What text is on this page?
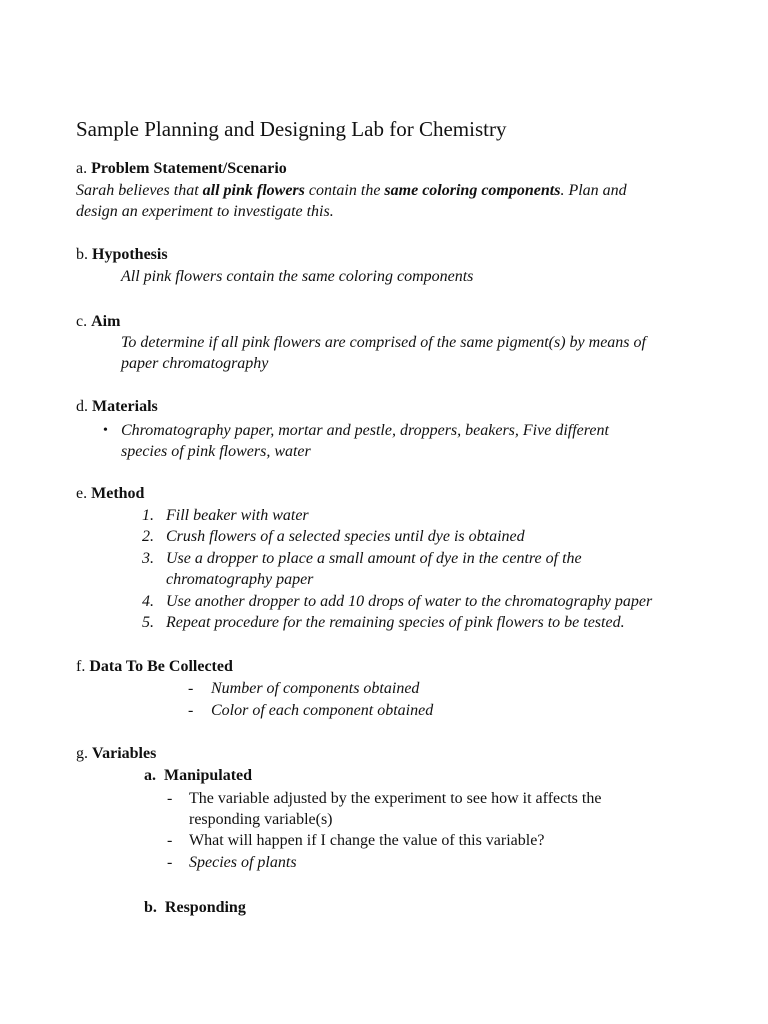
Sample Planning and Designing Lab for Chemistry
a. Problem Statement/Scenario
Sarah believes that all pink flowers contain the same coloring components. Plan and
design an experiment to investigate this.
b. Hypothesis
All pink flowers contain the same coloring components
c. Aim
To determine if all pink flowers are comprised of the same pigment(s) by means of
paper chromatography
d. Materials
• Chromatography paper, mortar and pestle, droppers, beakers, Five different
species of pink flowers, water
e. Method
1. Fill beaker with water
2. Crush flowers of a selected species until dye is obtained
3. Use a dropper to place a small amount of dye in the centre of the
chromatography paper
4. Use another dropper to add 10 drops of water to the chromatography paper
5. Repeat procedure for the remaining species of pink flowers to be tested.
f. Data To Be Collected
- Number of components obtained
- Color of each component obtained
g. Variables
a. Manipulated
- The variable adjusted by the experiment to see how it affects the
responding variable(s)
- What will happen if I change the value of this variable?
- Species of plants
b. Responding
